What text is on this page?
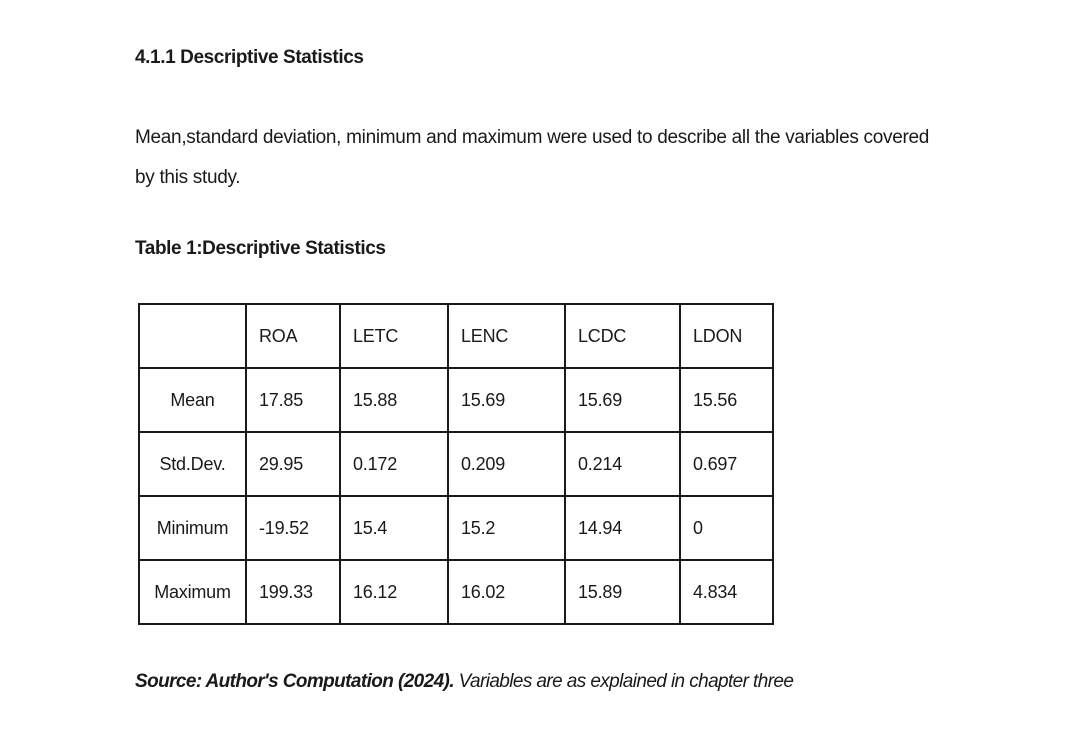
4.1.1 Descriptive Statistics
Mean,standard deviation, minimum and maximum were used to describe all the variables covered by this study.
Table 1:Descriptive Statistics
	ROA	LETC	LENC	LCDC	LDON
Mean	17.85	15.88	15.69	15.69	15.56
Std.Dev.	29.95	0.172	0.209	0.214	0.697
Minimum	-19.52	15.4	15.2	14.94	0
Maximum	199.33	16.12	16.02	15.89	4.834
Source: Author's Computation (2024). Variables are as explained in chapter three
